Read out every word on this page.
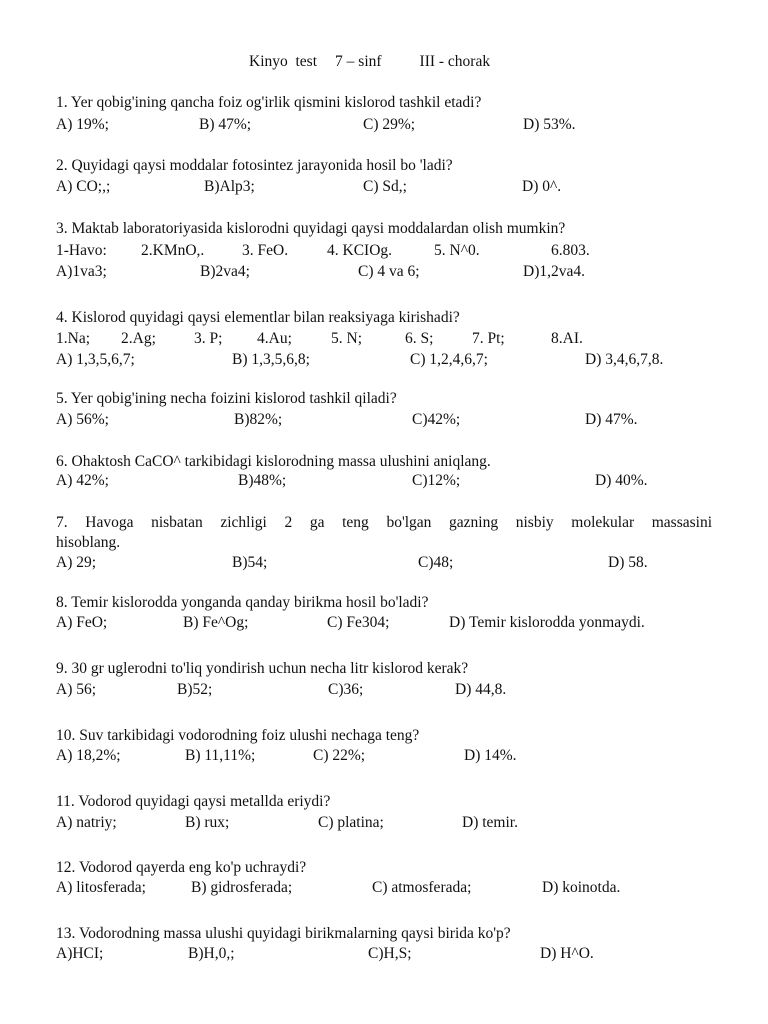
Kinyo  test 7 – sinf III - chorak
1. Yer qobig'ining qancha foiz og'irlik qismini kislorod tashkil etadi?
A) 19%;	B) 47%;	C) 29%;	D) 53%.
2. Quyidagi qaysi moddalar fotosintez jarayonida hosil bo 'ladi?
A) CO;,;	B)Alp3;	C) Sd,;	D) 0^.
3. Maktab laboratoriyasida kislorodni quyidagi qaysi moddalardan olish mumkin?
1-Havo: 2.KMnO,. 3. FeO.	4. KCIOg.	5. N^0.	6.803.
A)1va3;	B)2va4;	C) 4 va 6;	D)1,2va4.
4. Kislorod quyidagi qaysi elementlar bilan reaksiyaga kirishadi?
1.Na; 2.Ag; 3. P; 4.Au;	5. N;	6. S; 7. Pt;	8.AI.
A) 1,3,5,6,7;	B) 1,3,5,6,8;	C) 1,2,4,6,7;	D) 3,4,6,7,8.
5. Yer qobig'ining necha foizini kislorod tashkil qiladi?
A) 56%;	B)82%;	C)42%;	D) 47%.
6. Ohaktosh CaCO^ tarkibidagi kislorodning massa ulushini aniqlang.
A) 42%;	B)48%;	C)12%;	D) 40%.
7. Havoga nisbatan zichligi 2 ga teng bo'lgan gazning nisbiy molekular massasini
hisoblang.
A) 29;	B)54;	C)48;	D) 58.
8. Temir kislorodda yonganda qanday birikma hosil bo'ladi?
A) FeO;	B) Fe^Og;	C) Fe304;	D) Temir kislorodda yonmaydi.
9. 30 gr uglerodni to'liq yondirish uchun necha litr kislorod kerak?
A) 56;	B)52;	C)36;	D) 44,8.
10. Suv tarkibidagi vodorodning foiz ulushi nechaga teng?
A) 18,2%;	B) 11,11%;	C) 22%;	D) 14%.
11. Vodorod quyidagi qaysi metallda eriydi?
A) natriy;	B) rux;	C) platina;	D) temir.
12. Vodorod qayerda eng ko'p uchraydi?
A) litosferada;	B) gidrosferada;	C) atmosferada;	D) koinotda.
13. Vodorodning massa ulushi quyidagi birikmalarning qaysi birida ko'p?
A)HCI;	B)H,0,;	C)H,S;	D) H^O.
